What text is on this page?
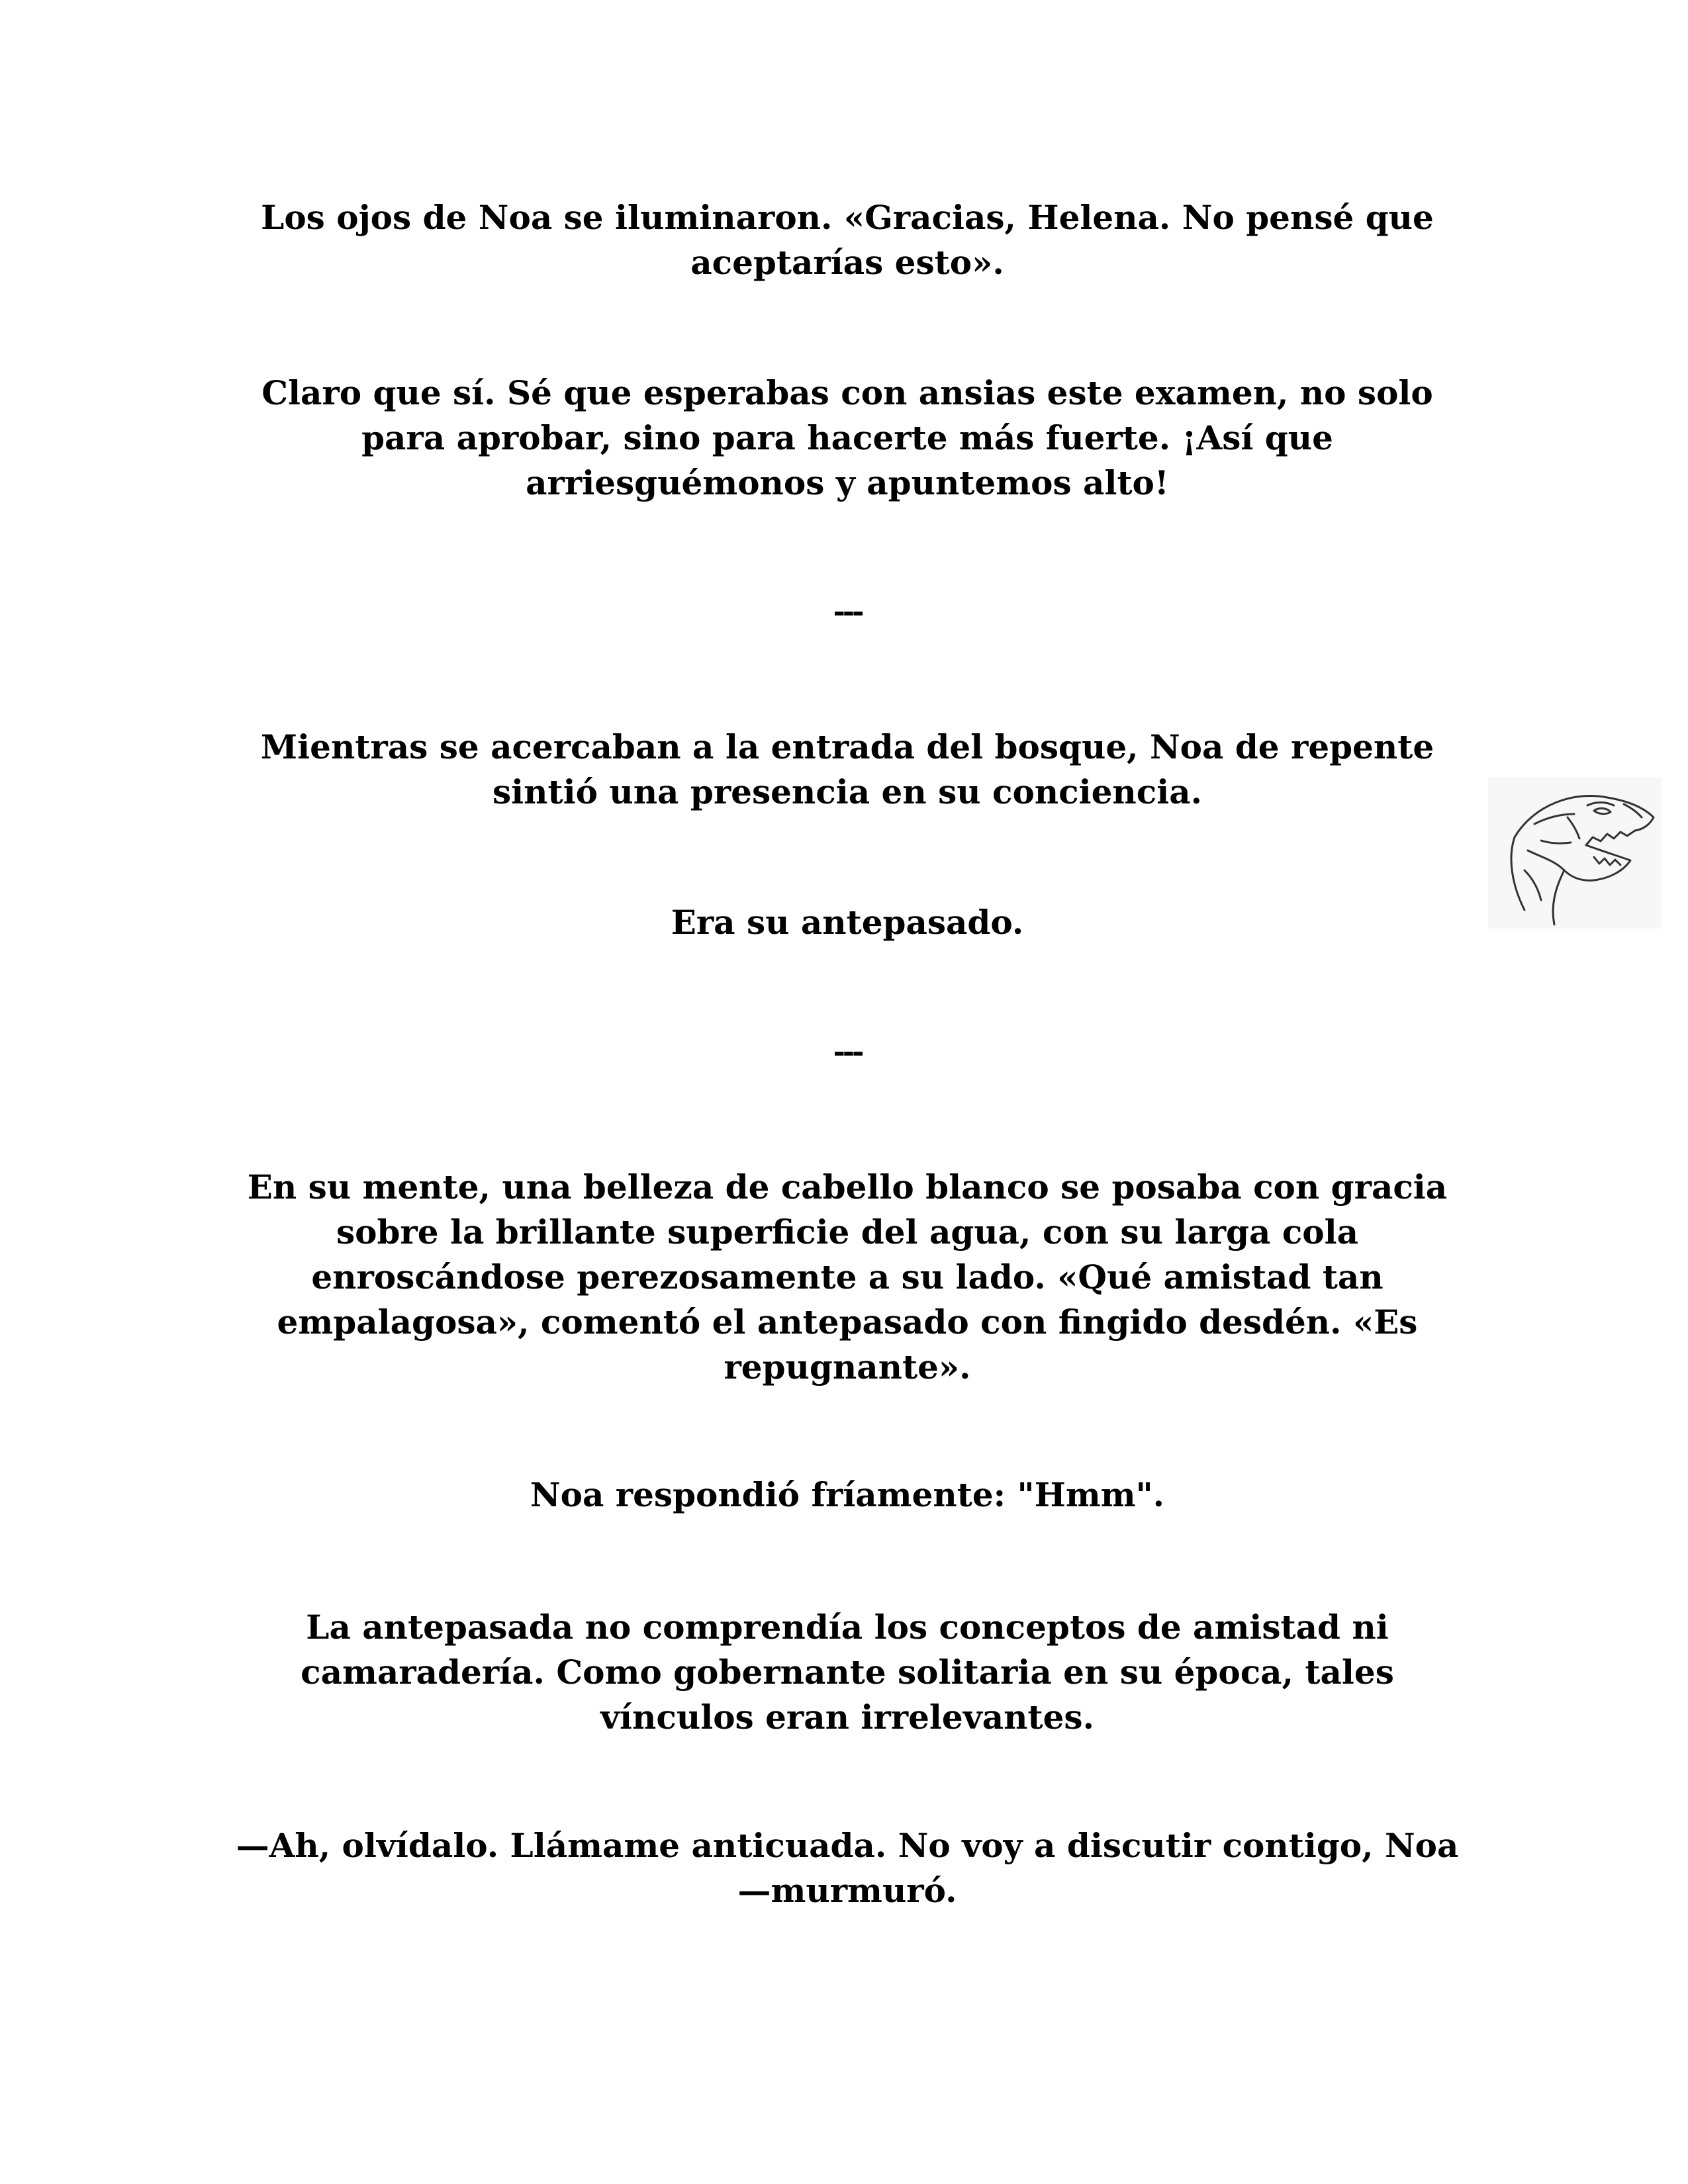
Los ojos de Noa se iluminaron. «Gracias, Helena. No pensé que aceptarías esto».

Claro que sí. Sé que esperabas con ansias este examen, no solo para aprobar, sino para hacerte más fuerte. ¡Así que arriesguémonos y apuntemos alto!

---

Mientras se acercaban a la entrada del bosque, Noa de repente sintió una presencia en su conciencia.

Era su antepasado.

---

En su mente, una belleza de cabello blanco se posaba con gracia sobre la brillante superficie del agua, con su larga cola enroscándose perezosamente a su lado. «Qué amistad tan empalagosa», comentó el antepasado con fingido desdén. «Es repugnante».

Noa respondió fríamente: "Hmm".

La antepasada no comprendía los conceptos de amistad ni camaradería. Como gobernante solitaria en su época, tales vínculos eran irrelevantes.

—Ah, olvídalo. Llámame anticuada. No voy a discutir contigo, Noa —murmuró.
